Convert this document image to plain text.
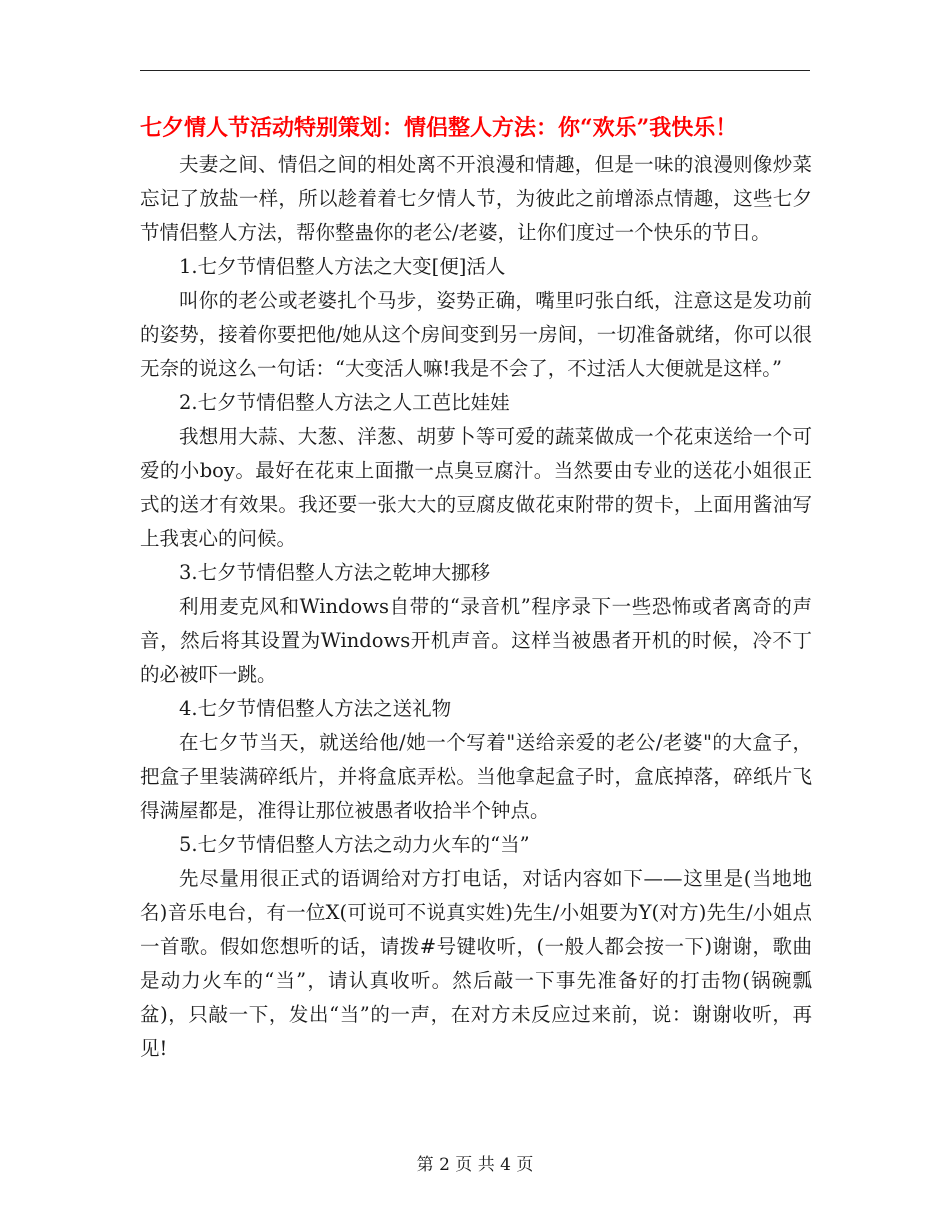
七夕情人节活动特别策划：情侣整人方法：你“欢乐”我快乐！

夫妻之间、情侣之间的相处离不开浪漫和情趣，但是一味的浪漫则像炒菜忘记了放盐一样，所以趁着着七夕情人节，为彼此之前增添点情趣，这些七夕节情侣整人方法，帮你整蛊你的老公/老婆，让你们度过一个快乐的节日。

1.七夕节情侣整人方法之大变[便]活人

叫你的老公或老婆扎个马步，姿势正确，嘴里叼张白纸，注意这是发功前的姿势，接着你要把他/她从这个房间变到另一房间，一切准备就绪，你可以很无奈的说这么一句话：“大变活人嘛!我是不会了，不过活人大便就是这样。”

2.七夕节情侣整人方法之人工芭比娃娃

我想用大蒜、大葱、洋葱、胡萝卜等可爱的蔬菜做成一个花束送给一个可爱的小boy。最好在花束上面撒一点臭豆腐汁。当然要由专业的送花小姐很正式的送才有效果。我还要一张大大的豆腐皮做花束附带的贺卡，上面用酱油写上我衷心的问候。

3.七夕节情侣整人方法之乾坤大挪移

利用麦克风和Windows自带的“录音机”程序录下一些恐怖或者离奇的声音，然后将其设置为Windows开机声音。这样当被愚者开机的时候，冷不丁的必被吓一跳。

4.七夕节情侣整人方法之送礼物

在七夕节当天，就送给他/她一个写着"送给亲爱的老公/老婆"的大盒子，把盒子里装满碎纸片，并将盒底弄松。当他拿起盒子时，盒底掉落，碎纸片飞得满屋都是，准得让那位被愚者收拾半个钟点。

5.七夕节情侣整人方法之动力火车的“当”

先尽量用很正式的语调给对方打电话，对话内容如下——这里是(当地地名)音乐电台，有一位X(可说可不说真实姓)先生/小姐要为Y(对方)先生/小姐点一首歌。假如您想听的话，请拨#号键收听，(一般人都会按一下)谢谢，歌曲是动力火车的“当”，请认真收听。然后敲一下事先准备好的打击物(锅碗瓢盆)，只敲一下，发出“当”的一声，在对方未反应过来前，说：谢谢收听，再见!

第 2 页 共 4 页
